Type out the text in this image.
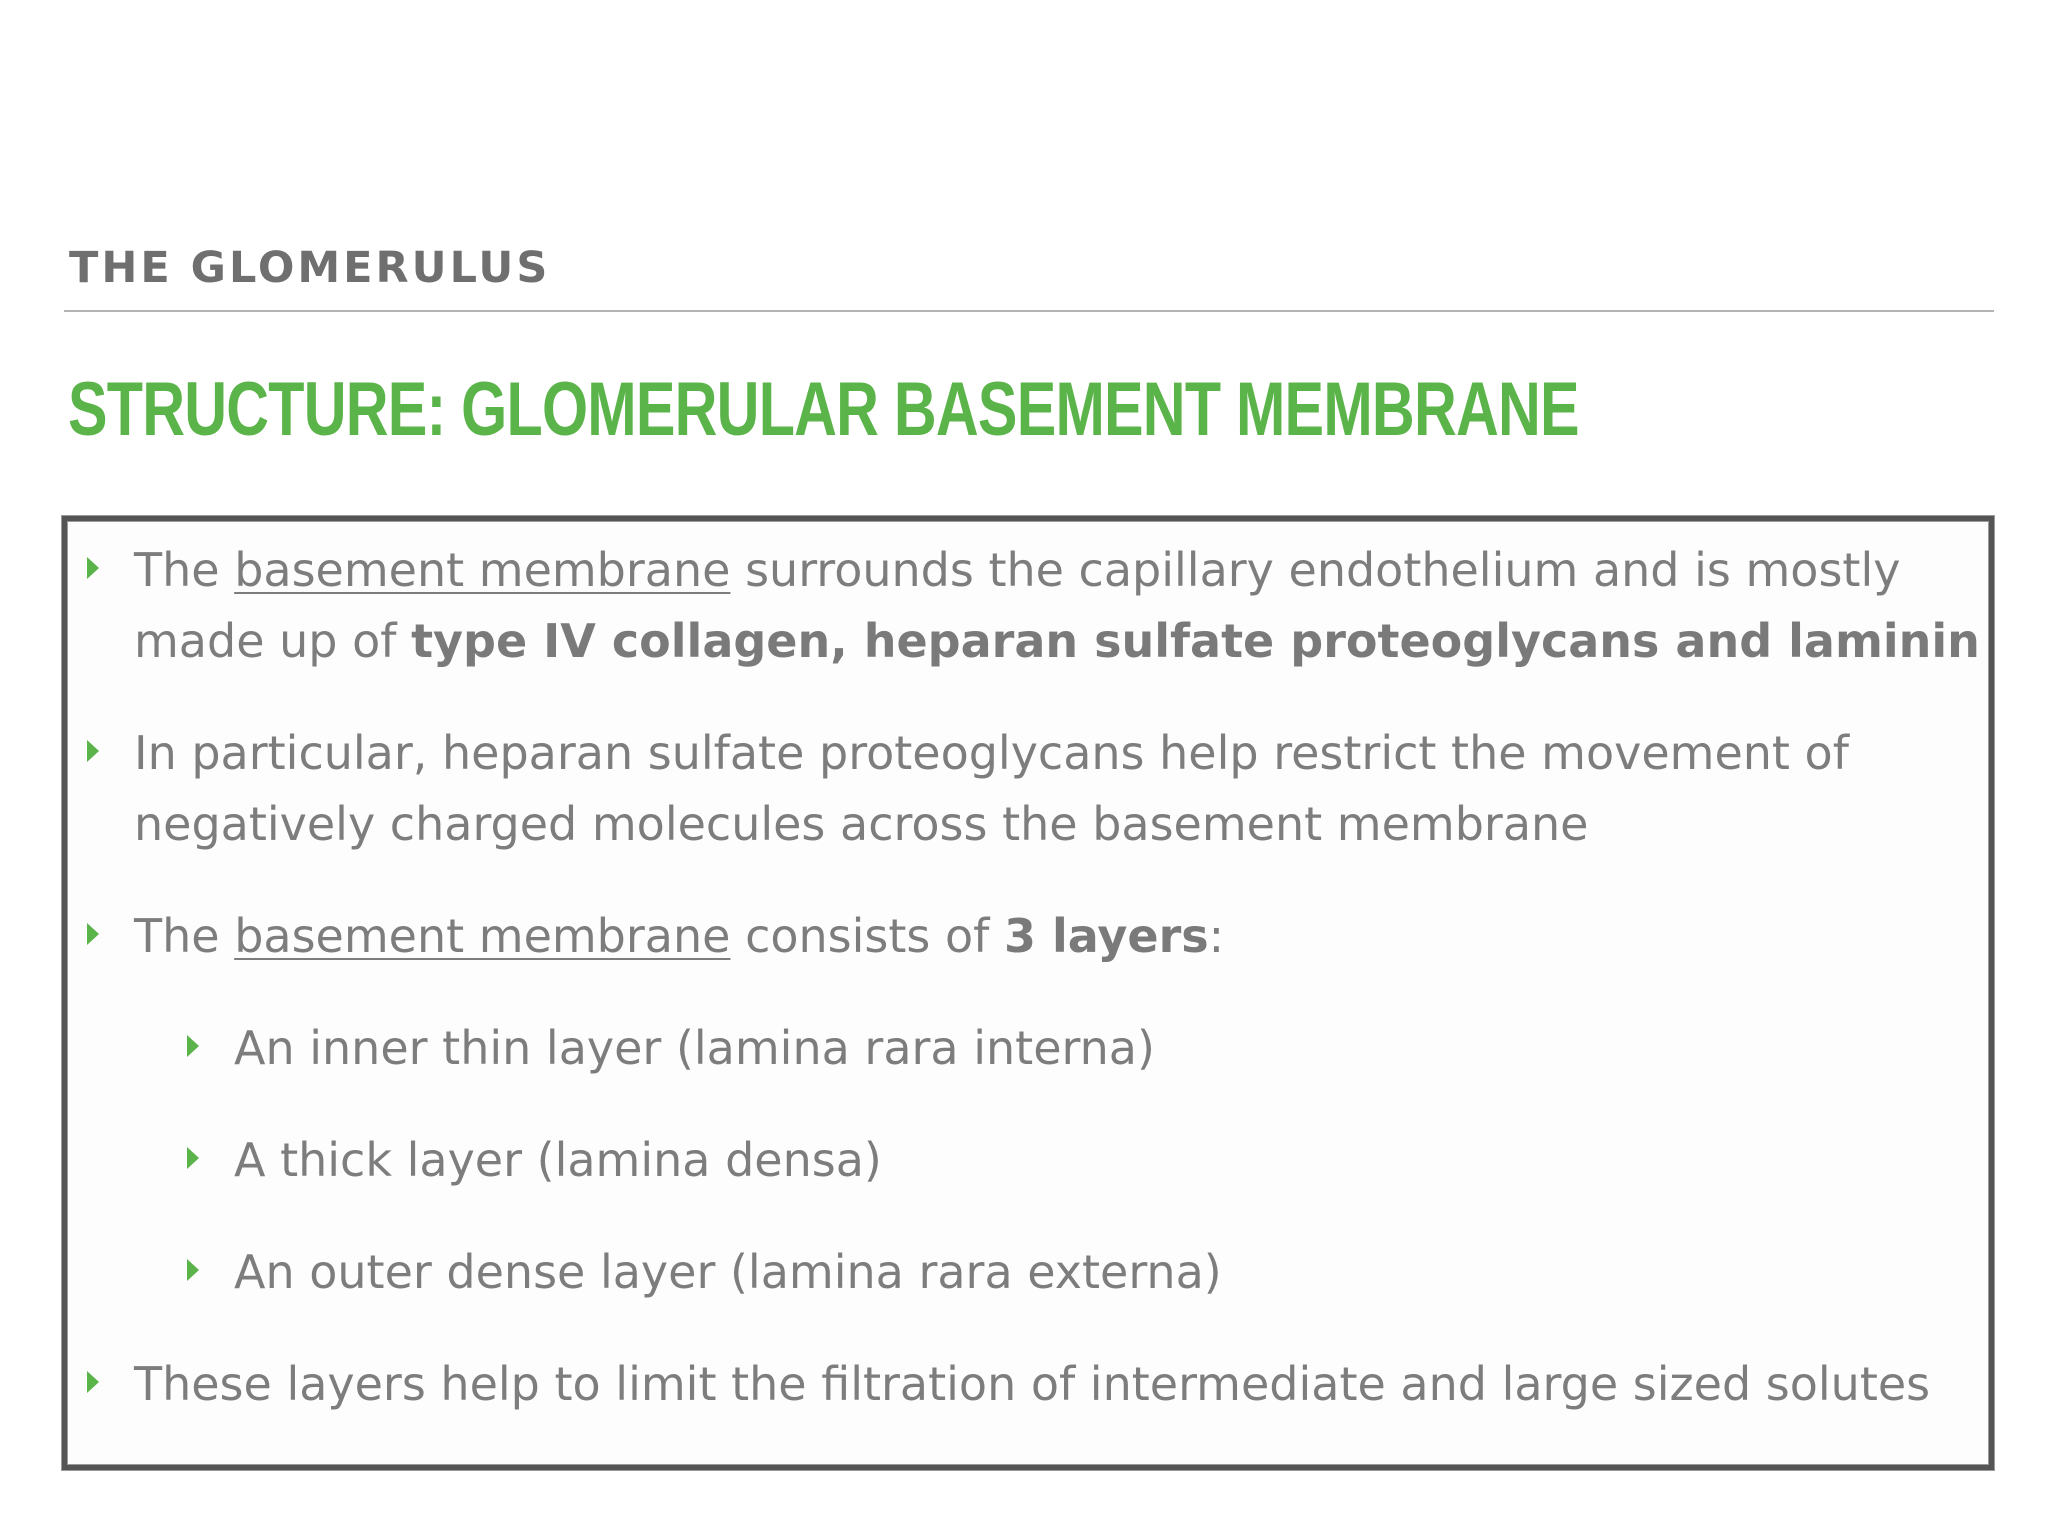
THE GLOMERULUS
STRUCTURE: GLOMERULAR BASEMENT MEMBRANE
The basement membrane surrounds the capillary endothelium and is mostly
made up of type IV collagen, heparan sulfate proteoglycans and laminin
In particular, heparan sulfate proteoglycans help restrict the movement of
negatively charged molecules across the basement membrane
The basement membrane consists of 3 layers:
An inner thin layer (lamina rara interna)
A thick layer (lamina densa)
An outer dense layer (lamina rara externa)
These layers help to limit the filtration of intermediate and large sized solutes
